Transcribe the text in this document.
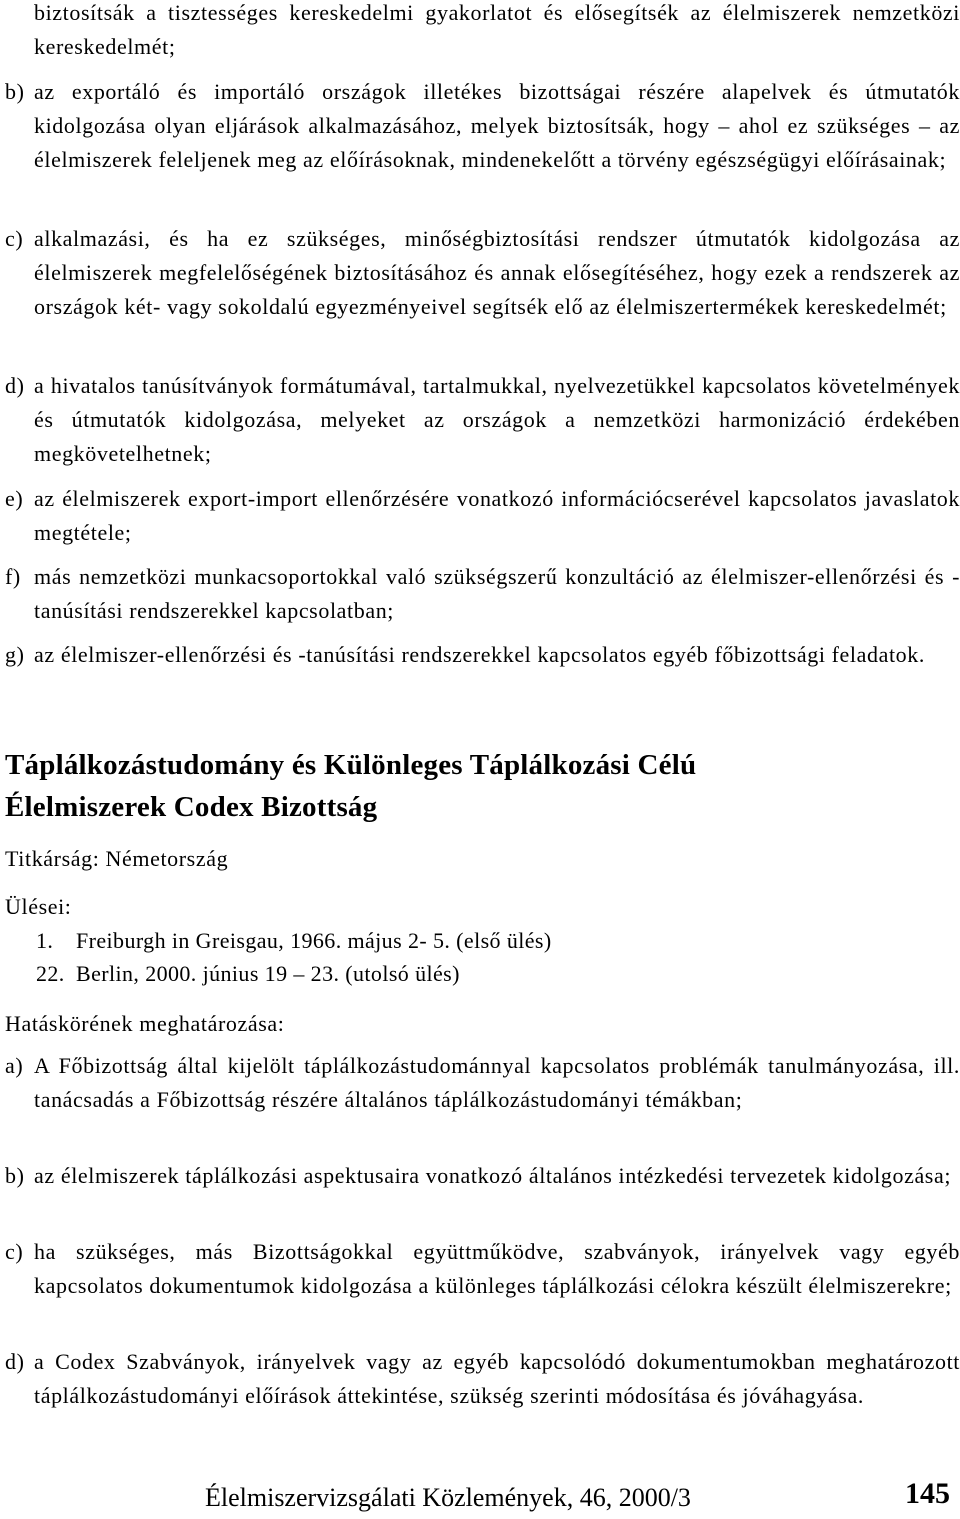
biztosítsák a tisztességes kereskedelmi gyakorlatot és elősegítsék az élelmiszerek nemzetközi kereskedelmét;
b) az exportáló és importáló országok illetékes bizottságai részére alapelvek és útmutatók kidolgozása olyan eljárások alkalmazásához, melyek biztosítsák, hogy – ahol ez szükséges – az élelmiszerek feleljenek meg az előírásoknak, mindenekelőtt a törvény egészségügyi előírásainak;
c) alkalmazási, és ha ez szükséges, minőségbiztosítási rendszer útmutatók kidolgozása az élelmiszerek megfelelőségének biztosításához és annak elősegítéséhez, hogy ezek a rendszerek az országok két- vagy sokoldalú egyezményeivel segítsék elő az élelmiszertermékek kereskedelmét;
d) a hivatalos tanúsítványok formátumával, tartalmukkal, nyelvezetükkel kapcsolatos követelmények és útmutatók kidolgozása, melyeket az országok a nemzetközi harmonizáció érdekében megkövetelhetnek;
e) az élelmiszerek export-import ellenőrzésére vonatkozó információcserével kapcsolatos javaslatok megtétele;
f) más nemzetközi munkacsoportokkal való szükségszerű konzultáció az élelmiszer-ellenőrzési és -tanúsítási rendszerekkel kapcsolatban;
g) az élelmiszer-ellenőrzési és -tanúsítási rendszerekkel kapcsolatos egyéb főbizottsági feladatok.
Táplálkozástudomány és Különleges Táplálkozási Célú
Élelmiszerek Codex Bizottság
Titkárság: Németország
Ülései:
1. Freiburgh in Greisgau, 1966. május 2- 5. (első ülés)
22. Berlin, 2000. június 19 – 23. (utolsó ülés)
Hatáskörének meghatározása:
a) A Főbizottság által kijelölt táplálkozástudománnyal kapcsolatos problémák tanulmányozása, ill. tanácsadás a Főbizottság részére általános táplálkozástudományi témákban;
b) az élelmiszerek táplálkozási aspektusaira vonatkozó általános intézkedési tervezetek kidolgozása;
c) ha szükséges, más Bizottságokkal együttműködve, szabványok, irányelvek vagy egyéb kapcsolatos dokumentumok kidolgozása a különleges táplálkozási célokra készült élelmiszerekre;
d) a Codex Szabványok, irányelvek vagy az egyéb kapcsolódó dokumentumokban meghatározott táplálkozástudományi előírások áttekintése, szükség szerinti módosítása és jóváhagyása.
Élelmiszervizsgálati Közlemények, 46, 2000/3	145
